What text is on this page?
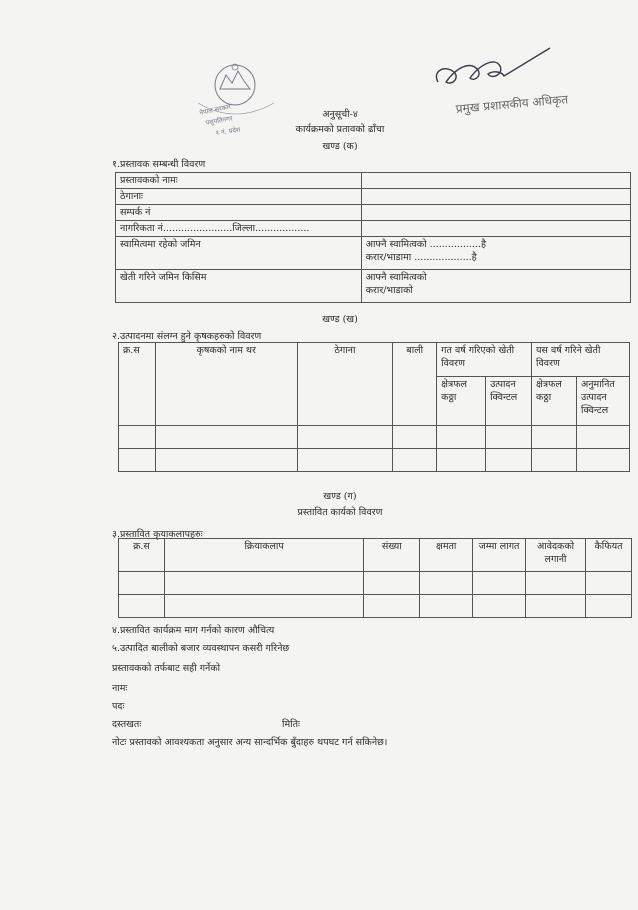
नेपाल सरकार
पशुपतिनगर
१ नं. प्रदेश
प्रमुख प्रशासकीय अधिकृत
अनुसूची-४
कार्यक्रमको प्रतावको ढाँचा
खण्ड (क)
१.प्रस्तावक सम्बन्धी विवरण
प्रस्तावकको नामः	
ठेगानाः	
सम्पर्क नं	
नागरिकता नं.......................जिल्ला..................	
स्वामित्वमा रहेको जमिन	आफ्नै स्वामित्वको .................है
करार/भाडामा ...................है

खेती गरिने जमिन किसिम	आफ्नै स्वामित्वको
करार/भाडाको
खण्ड (ख)
२.उत्पादनमा संलग्न हुने कृषकहरुको विवरण
क्र.स	कृषकको नाम थर	ठेगाना	बाली	गत वर्ष गरिएको खेती विवरण		यस वर्ष गरिने खेती विवरण	
				क्षेत्रफल कठ्ठा	उत्पादन क्विन्टल	क्षेत्रफल कठ्ठा	अनुमानित उत्पादन क्विन्टल

खण्ड (ग)
प्रस्तावित कार्यको विवरण
३.प्रस्तावित कृयाकलापहरुः
क्र.स	क्रियाकलाप	संख्या	क्षमता	जम्मा लागत	आवेदकको लगानी	कैफियत

४.प्रस्तावित कार्यक्रम माग गर्नको कारण औचित्य
५.उत्पादित बालीको बजार व्यवस्थापन कसरी गरिनेछ
प्रस्तावकको तर्फबाट सही गर्नेको
नामः
पदः
दस्तखतः	मितिः
नोटः प्रस्तावको आवश्यकता अनुसार अन्य सान्दर्भिक बुँदाहरु थपघट गर्न सकिनेछ।
